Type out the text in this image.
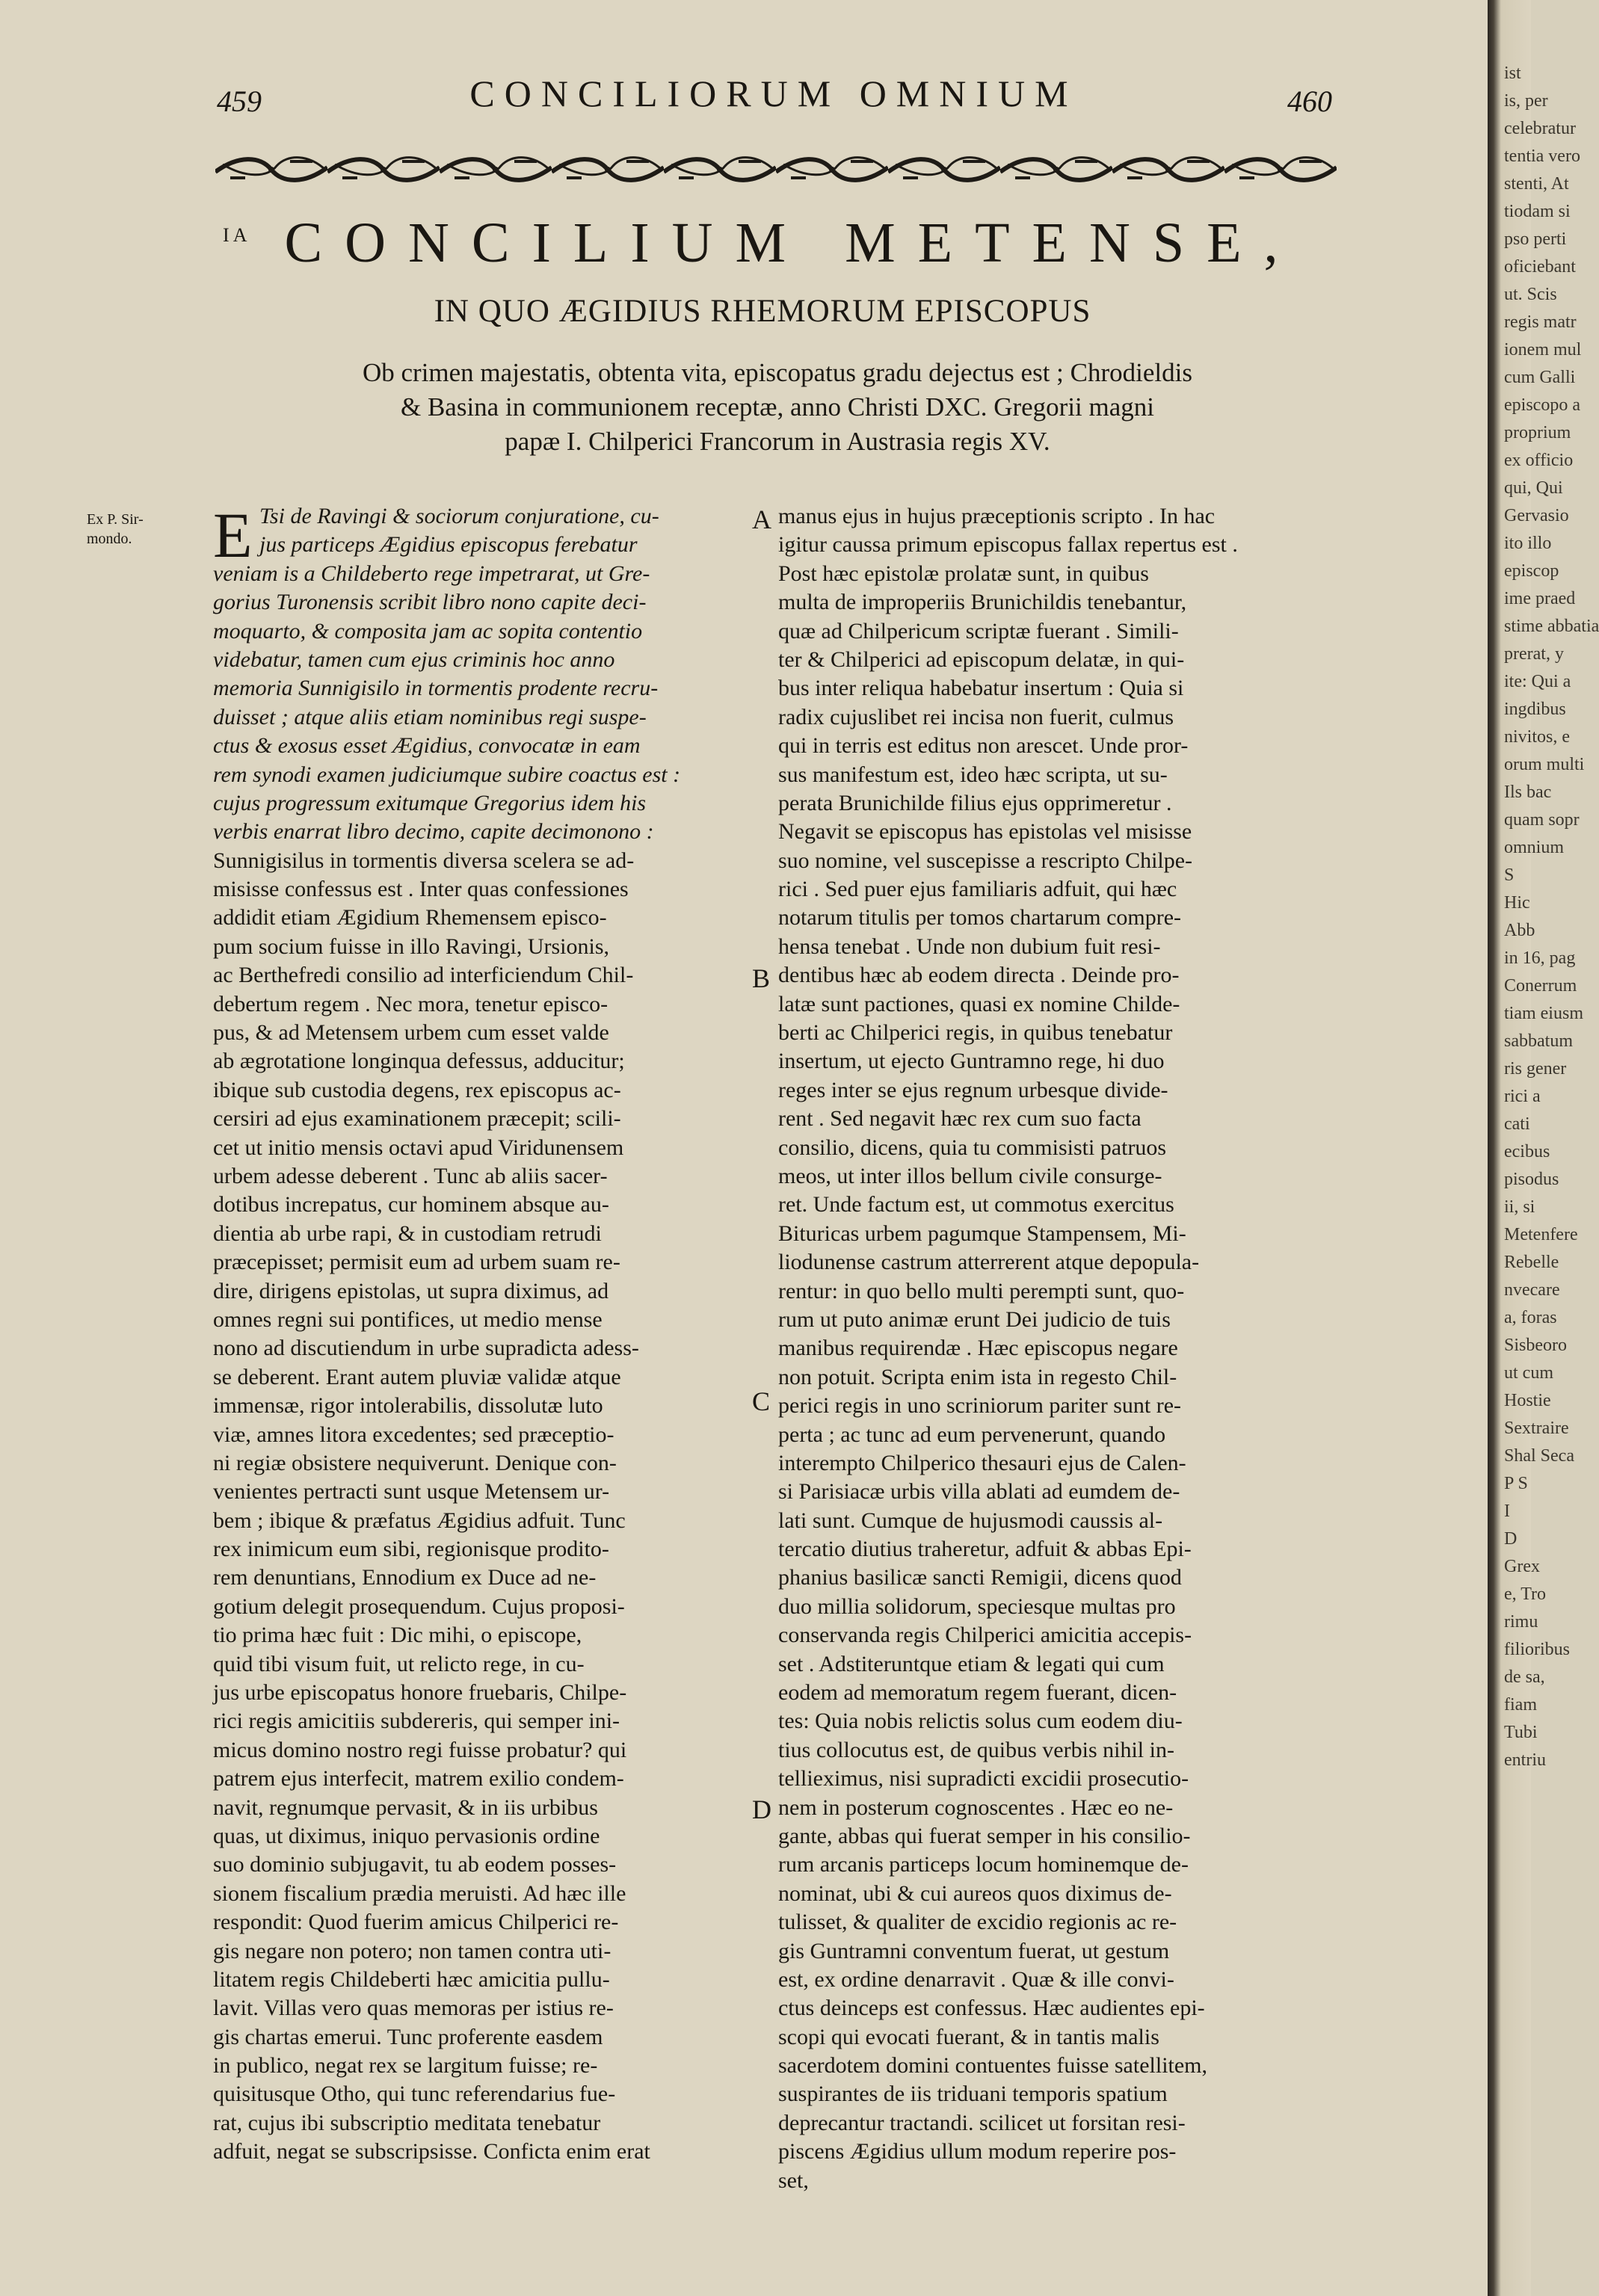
459	CONCILIORUM OMNIUM	460
I A CONCILIUM METENSE,
IN QUO ÆGIDIUS RHEMORUM EPISCOPUS
Ob crimen majestatis, obtenta vita, episcopatus gradu dejectus est ; Chrodieldis
& Basina in communionem receptæ, anno Christi DXC. Gregorii magni
papæ I. Chilperici Francorum in Austrasia regis XV.
Ex P. Sir-
mondo.	E Tsi de Ravingi & sociorum conjuratione, cu-
jus particeps Ægidius episcopus ferebatur
veniam is a Childeberto rege impetrarat, ut Gre-
gorius Turonensis scribit libro nono capite deci-
moquarto, & composita jam ac sopita contentio
videbatur, tamen cum ejus criminis hoc anno
memoria Sunnigisilo in tormentis prodente recru-
duisset ; atque aliis etiam nominibus regi suspe-
ctus & exosus esset Ægidius, convocatæ in eam
rem synodi examen judiciumque subire coactus est :
cujus progressum exitumque Gregorius idem his
verbis enarrat libro decimo, capite decimonono :
Sunnigisilus in tormentis diversa scelera se ad-
misisse confessus est . Inter quas confessiones
addidit etiam Ægidium Rhemensem episco-
pum socium fuisse in illo Ravingi, Ursionis,
ac Berthefredi consilio ad interficiendum Chil-
debertum regem . Nec mora, tenetur episco-
pus, & ad Metensem urbem cum esset valde
ab ægrotatione longinqua defessus, adducitur;
ibique sub custodia degens, rex episcopus ac-
cersiri ad ejus examinationem præcepit; scili-
cet ut initio mensis octavi apud Viridunensem
urbem adesse deberent . Tunc ab aliis sacer-
dotibus increpatus, cur hominem absque au-
dientia ab urbe rapi, & in custodiam retrudi
præcepisset; permisit eum ad urbem suam re-
dire, dirigens epistolas, ut supra diximus, ad
omnes regni sui pontifices, ut medio mense
nono ad discutiendum in urbe supradicta adess-
se deberent. Erant autem pluviæ validæ atque
immensæ, rigor intolerabilis, dissolutæ luto
viæ, amnes litora excedentes; sed præceptio-
ni regiæ obsistere nequiverunt. Denique con-
venientes pertracti sunt usque Metensem ur-
bem ; ibique & præfatus Ægidius adfuit. Tunc
rex inimicum eum sibi, regionisque prodito-
rem denuntians, Ennodium ex Duce ad ne-
gotium delegit prosequendum. Cujus proposi-
tio prima hæc fuit : Dic mihi, o episcope,
quid tibi visum fuit, ut relicto rege, in cu-
jus urbe episcopatus honore fruebaris, Chilpe-
rici regis amicitiis subdereris, qui semper ini-
micus domino nostro regi fuisse probatur? qui
patrem ejus interfecit, matrem exilio condem-
navit, regnumque pervasit, & in iis urbibus
quas, ut diximus, iniquo pervasionis ordine
suo dominio subjugavit, tu ab eodem posses-
sionem fiscalium prædia meruisti. Ad hæc ille
respondit: Quod fuerim amicus Chilperici re-
gis negare non potero; non tamen contra uti-
litatem regis Childeberti hæc amicitia pullu-
lavit. Villas vero quas memoras per istius re-
gis chartas emerui. Tunc proferente easdem
in publico, negat rex se largitum fuisse; re-
quisitusque Otho, qui tunc referendarius fue-
rat, cujus ibi subscriptio meditata tenebatur
adfuit, negat se subscripsisse. Conficta enim erat
manus ejus in hujus præceptionis scripto . In hac
igitur caussa primum episcopus fallax repertus est .
Post hæc epistolæ prolatæ sunt, in quibus
multa de improperiis Brunichildis tenebantur,
quæ ad Chilpericum scriptæ fuerant . Simili-
ter & Chilperici ad episcopum delatæ, in qui-
bus inter reliqua habebatur insertum : Quia si
radix cujuslibet rei incisa non fuerit, culmus
qui in terris est editus non arescet. Unde pror-
sus manifestum est, ideo hæc scripta, ut su-
perata Brunichilde filius ejus opprimeretur .
Negavit se episcopus has epistolas vel misisse
suo nomine, vel suscepisse a rescripto Chilpe-
rici . Sed puer ejus familiaris adfuit, qui hæc
notarum titulis per tomos chartarum compre-
hensa tenebat . Unde non dubium fuit resi-
dentibus hæc ab eodem directa . Deinde pro-
latæ sunt pactiones, quasi ex nomine Childe-
berti ac Chilperici regis, in quibus tenebatur
insertum, ut ejecto Guntramno rege, hi duo
reges inter se ejus regnum urbesque divide-
rent . Sed negavit hæc rex cum suo facta
consilio, dicens, quia tu commisisti patruos
meos, ut inter illos bellum civile consurge-
ret. Unde factum est, ut commotus exercitus
Bituricas urbem pagumque Stampensem, Mi-
liodunense castrum atterrerent atque depopula-
rentur: in quo bello multi perempti sunt, quo-
rum ut puto animæ erunt Dei judicio de tuis
manibus requirendæ . Hæc episcopus negare
non potuit. Scripta enim ista in regesto Chil-
perici regis in uno scriniorum pariter sunt re-
perta ; ac tunc ad eum pervenerunt, quando
interempto Chilperico thesauri ejus de Calen-
si Parisiacæ urbis villa ablati ad eumdem de-
lati sunt. Cumque de hujusmodi caussis al-
tercatio diutius traheretur, adfuit & abbas Epi-
phanius basilicæ sancti Remigii, dicens quod
duo millia solidorum, speciesque multas pro
conservanda regis Chilperici amicitia accepis-
set . Adstiteruntque etiam & legati qui cum
eodem ad memoratum regem fuerant, dicen-
tes: Quia nobis relictis solus cum eodem diu-
tius collocutus est, de quibus verbis nihil in-
tellieximus, nisi supradicti excidii prosecutio-
nem in posterum cognoscentes . Hæc eo ne-
gante, abbas qui fuerat semper in his consilio-
rum arcanis particeps locum hominemque de-
nominat, ubi & cui aureos quos diximus de-
tulisset, & qualiter de excidio regionis ac re-
gis Guntramni conventum fuerat, ut gestum
est, ex ordine denarravit . Quæ & ille convi-
ctus deinceps est confessus. Hæc audientes epi-
scopi qui evocati fuerant, & in tantis malis
sacerdotem domini contuentes fuisse satellitem,
suspirantes de iis triduani temporis spatium
deprecantur tractandi. scilicet ut forsitan resi-
piscens Ægidius ullum modum reperire pos-
set,
A
B
C
D
ist
is, per
celebratur
tentia vero
stenti, At
tiodam si
pso perti
oficiebant
ut. Scis
regis matr
ionem mul
cum Galli
episcopo a
proprium
ex officio
qui, Qui
Gervasio
ito illo
episcop
ime praed
stime abbatia
prerat, y
ite: Qui a
ingdibus
nivitos, e
orum multi
Ils bac
quam sopr
omnium
S
Hic
Abb
in 16, pag
Conerrum
tiam eiusm
sabbatum
ris gener
rici a
cati
ecibus
pisodus
ii, si
Metenfere
Rebelle
nvecare
a, foras
Sisbeoro
ut cum
Hostie
Sextraire
Shal Seca
P S
I
D
Grex
e, Tro
rimu
filioribus
de sa,
fiam
Tubi
entriu
